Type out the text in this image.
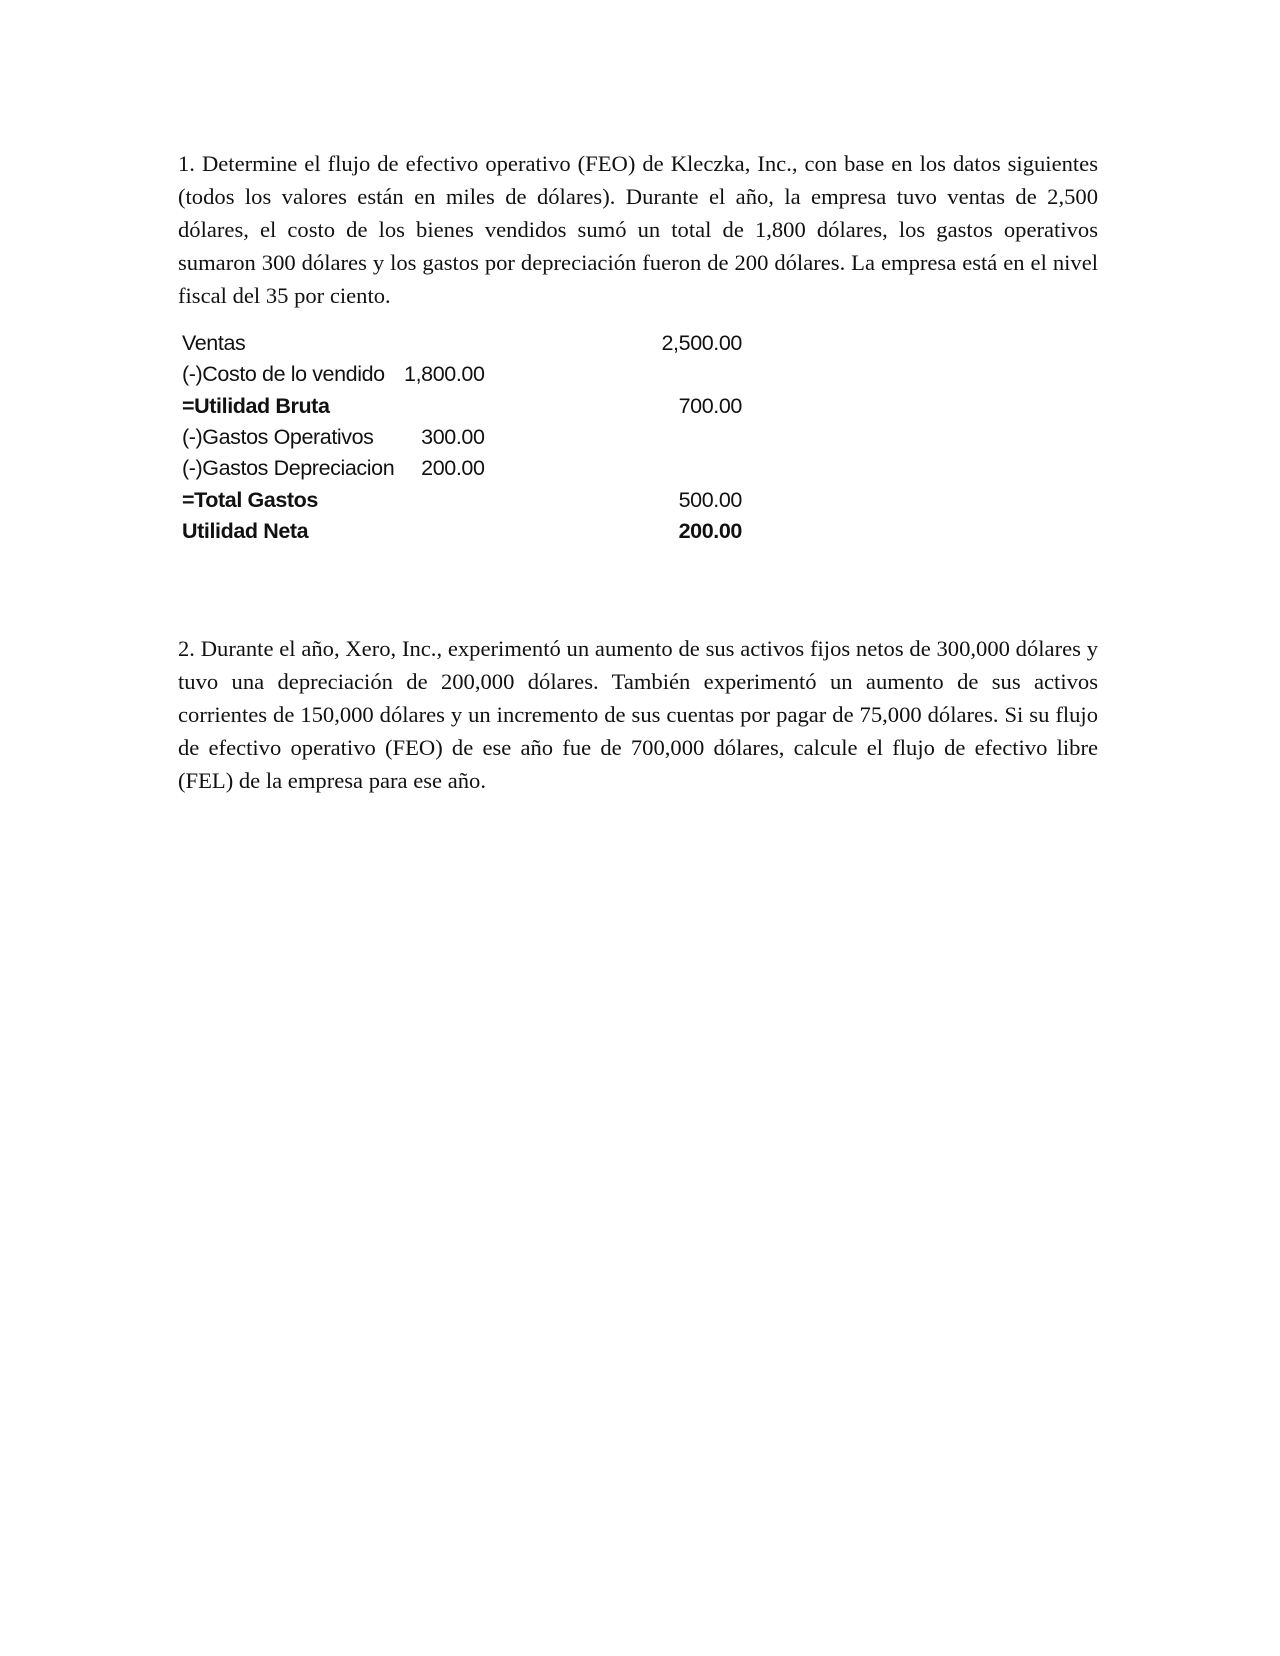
1. Determine el flujo de efectivo operativo (FEO) de Kleczka, Inc., con base en los datos siguientes (todos los valores están en miles de dólares). Durante el año, la empresa tuvo ventas de 2,500 dólares, el costo de los bienes vendidos sumó un total de 1,800 dólares, los gastos operativos sumaron 300 dólares y los gastos por depreciación fueron de 200 dólares. La empresa está en el nivel fiscal del 35 por ciento.

Ventas		2,500.00
(-)Costo de lo vendido	1,800.00	
=Utilidad Bruta		700.00
(-)Gastos Operativos	300.00	
(-)Gastos Depreciacion	200.00	
=Total Gastos		500.00
Utilidad Neta		200.00

2. Durante el año, Xero, Inc., experimentó un aumento de sus activos fijos netos de 300,000 dólares y tuvo una depreciación de 200,000 dólares. También experimentó un aumento de sus activos corrientes de 150,000 dólares y un incremento de sus cuentas por pagar de 75,000 dólares. Si su flujo de efectivo operativo (FEO) de ese año fue de 700,000 dólares, calcule el flujo de efectivo libre (FEL) de la empresa para ese año.
